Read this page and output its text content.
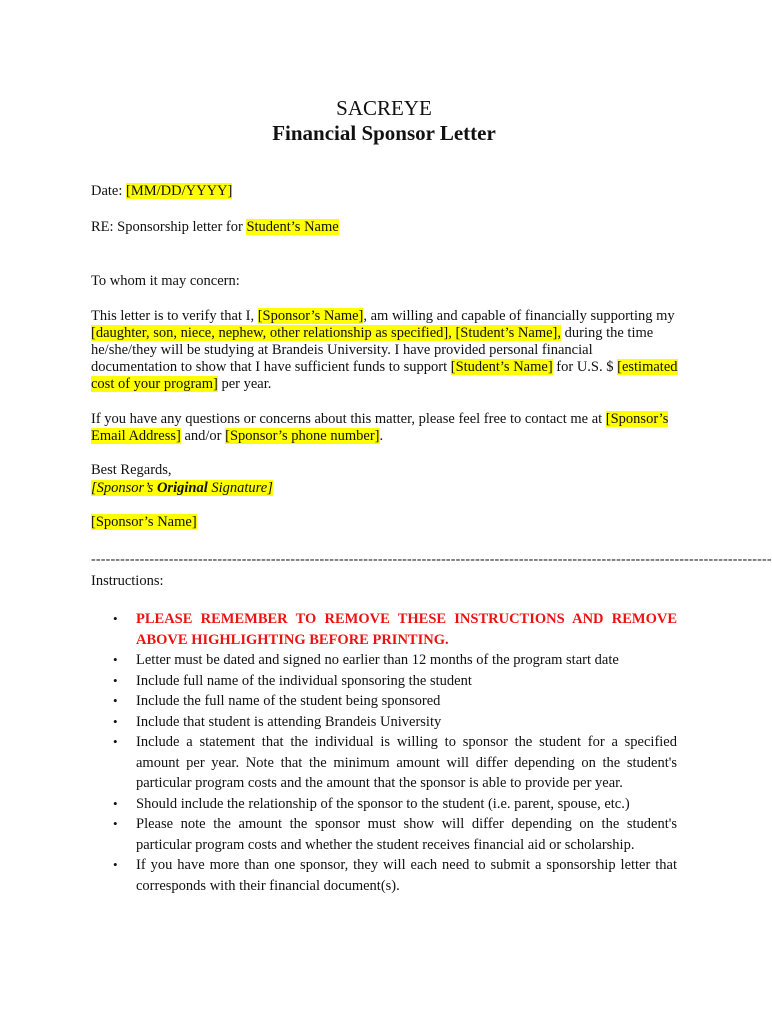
SACREYE
Financial Sponsor Letter
Date: [MM/DD/YYYY]
RE: Sponsorship letter for Student’s Name
To whom it may concern:
This letter is to verify that I, [Sponsor’s Name], am willing and capable of financially supporting my [daughter, son, niece, nephew, other relationship as specified], [Student’s Name], during the time he/she/they will be studying at Brandeis University. I have provided personal financial documentation to show that I have sufficient funds to support [Student’s Name] for U.S. $ [estimated cost of your program] per year.
If you have any questions or concerns about this matter, please feel free to contact me at [Sponsor’s Email Address] and/or [Sponsor’s phone number].
Best Regards,
[Sponsor’s Original Signature]
[Sponsor’s Name]
--------------------------------------------------------------------------------------------------------------------------------------------
Instructions:
• PLEASE REMEMBER TO REMOVE THESE INSTRUCTIONS AND REMOVE ABOVE HIGHLIGHTING BEFORE PRINTING.
• Letter must be dated and signed no earlier than 12 months of the program start date
• Include full name of the individual sponsoring the student
• Include the full name of the student being sponsored
• Include that student is attending Brandeis University
• Include a statement that the individual is willing to sponsor the student for a specified amount per year. Note that the minimum amount will differ depending on the student's particular program costs and the amount that the sponsor is able to provide per year.
• Should include the relationship of the sponsor to the student (i.e. parent, spouse, etc.)
• Please note the amount the sponsor must show will differ depending on the student's particular program costs and whether the student receives financial aid or scholarship.
• If you have more than one sponsor, they will each need to submit a sponsorship letter that corresponds with their financial document(s).
